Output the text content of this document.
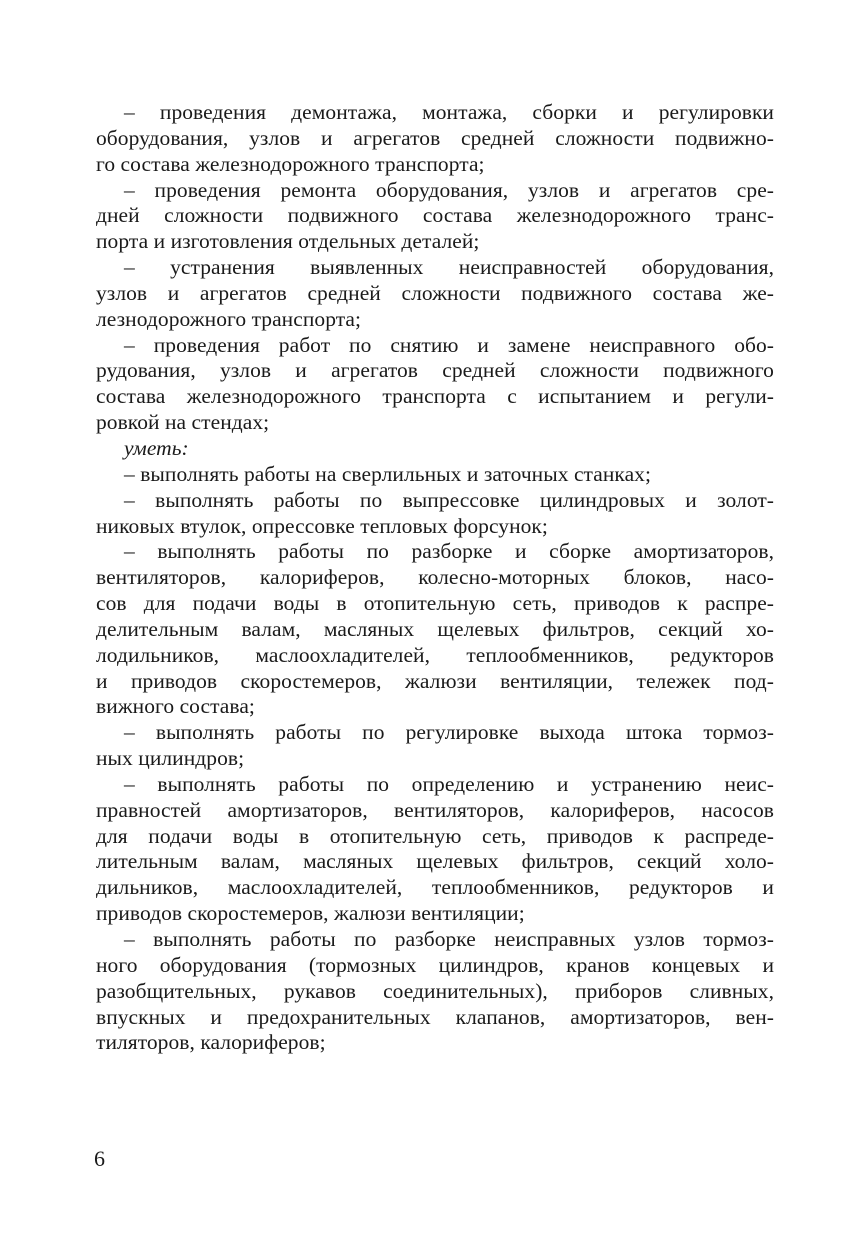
– проведения демонтажа, монтажа, сборки и регулировки
оборудования, узлов и агрегатов средней сложности подвижно-
го состава железнодорожного транспорта;
– проведения ремонта оборудования, узлов и агрегатов сре-
дней сложности подвижного состава железнодорожного транс-
порта и изготовления отдельных деталей;
– устранения выявленных неисправностей оборудования,
узлов и агрегатов средней сложности подвижного состава же-
лезнодорожного транспорта;
– проведения работ по снятию и замене неисправного обо-
рудования, узлов и агрегатов средней сложности подвижного
состава железнодорожного транспорта с испытанием и регули-
ровкой на стендах;
уметь:
– выполнять работы на сверлильных и заточных станках;
– выполнять работы по выпрессовке цилиндровых и золот-
никовых втулок, опрессовке тепловых форсунок;
– выполнять работы по разборке и сборке амортизаторов,
вентиляторов, калориферов, колесно-моторных блоков, насо-
сов для подачи воды в отопительную сеть, приводов к распре-
делительным валам, масляных щелевых фильтров, секций хо-
лодильников, маслоохладителей, теплообменников, редукторов
и приводов скоростемеров, жалюзи вентиляции, тележек под-
вижного состава;
– выполнять работы по регулировке выхода штока тормоз-
ных цилиндров;
– выполнять работы по определению и устранению неис-
правностей амортизаторов, вентиляторов, калориферов, насосов
для подачи воды в отопительную сеть, приводов к распреде-
лительным валам, масляных щелевых фильтров, секций холо-
дильников, маслоохладителей, теплообменников, редукторов и
приводов скоростемеров, жалюзи вентиляции;
– выполнять работы по разборке неисправных узлов тормоз-
ного оборудования (тормозных цилиндров, кранов концевых и
разобщительных, рукавов соединительных), приборов сливных,
впускных и предохранительных клапанов, амортизаторов, вен-
тиляторов, калориферов;
6
